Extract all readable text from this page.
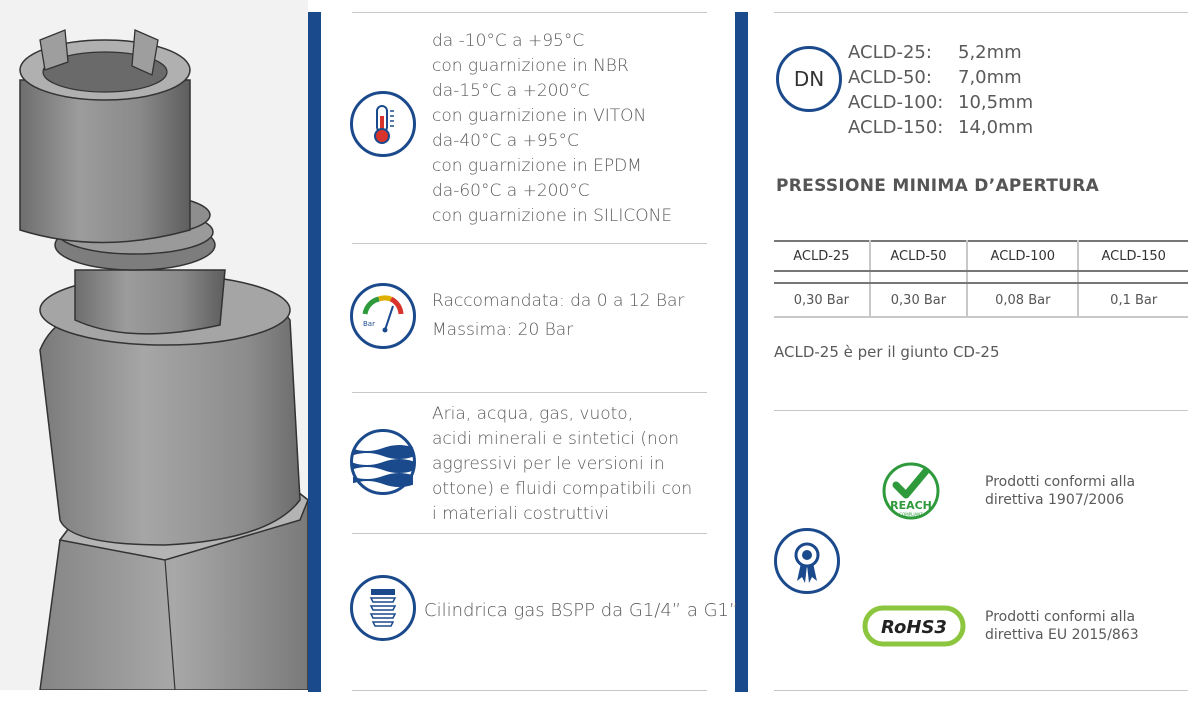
da -10°C a +95°C
con guarnizione in NBR
da-15°C a +200°C
con guarnizione in VITON
da-40°C a +95°C
con guarnizione in EPDM
da-60°C a +200°C
con guarnizione in SILICONE
Bar
Raccomandata: da 0 a 12 Bar
Massima: 20 Bar
Aria, acqua, gas, vuoto,
acidi minerali e sintetici (non
aggressivi per le versioni in
ottone) e fluidi compatibili con
i materiali costruttivi
Cilindrica gas BSPP da G1/4” a G1”
DN
ACLD-25:	5,2mm
ACLD-50:	7,0mm
ACLD-100: 10,5mm
ACLD-150: 14,0mm
PRESSIONE MINIMA D’APERTURA
ACLD-25	ACLD-50	ACLD-100	ACLD-150

0,30 Bar	0,30 Bar	0,08 Bar	0,1 Bar
ACLD-25 è per il giunto CD-25
REACH
COMPLIANT
Prodotti conformi alla
direttiva 1907/2006
RoHS3	Prodotti conformi alla
direttiva EU 2015/863
